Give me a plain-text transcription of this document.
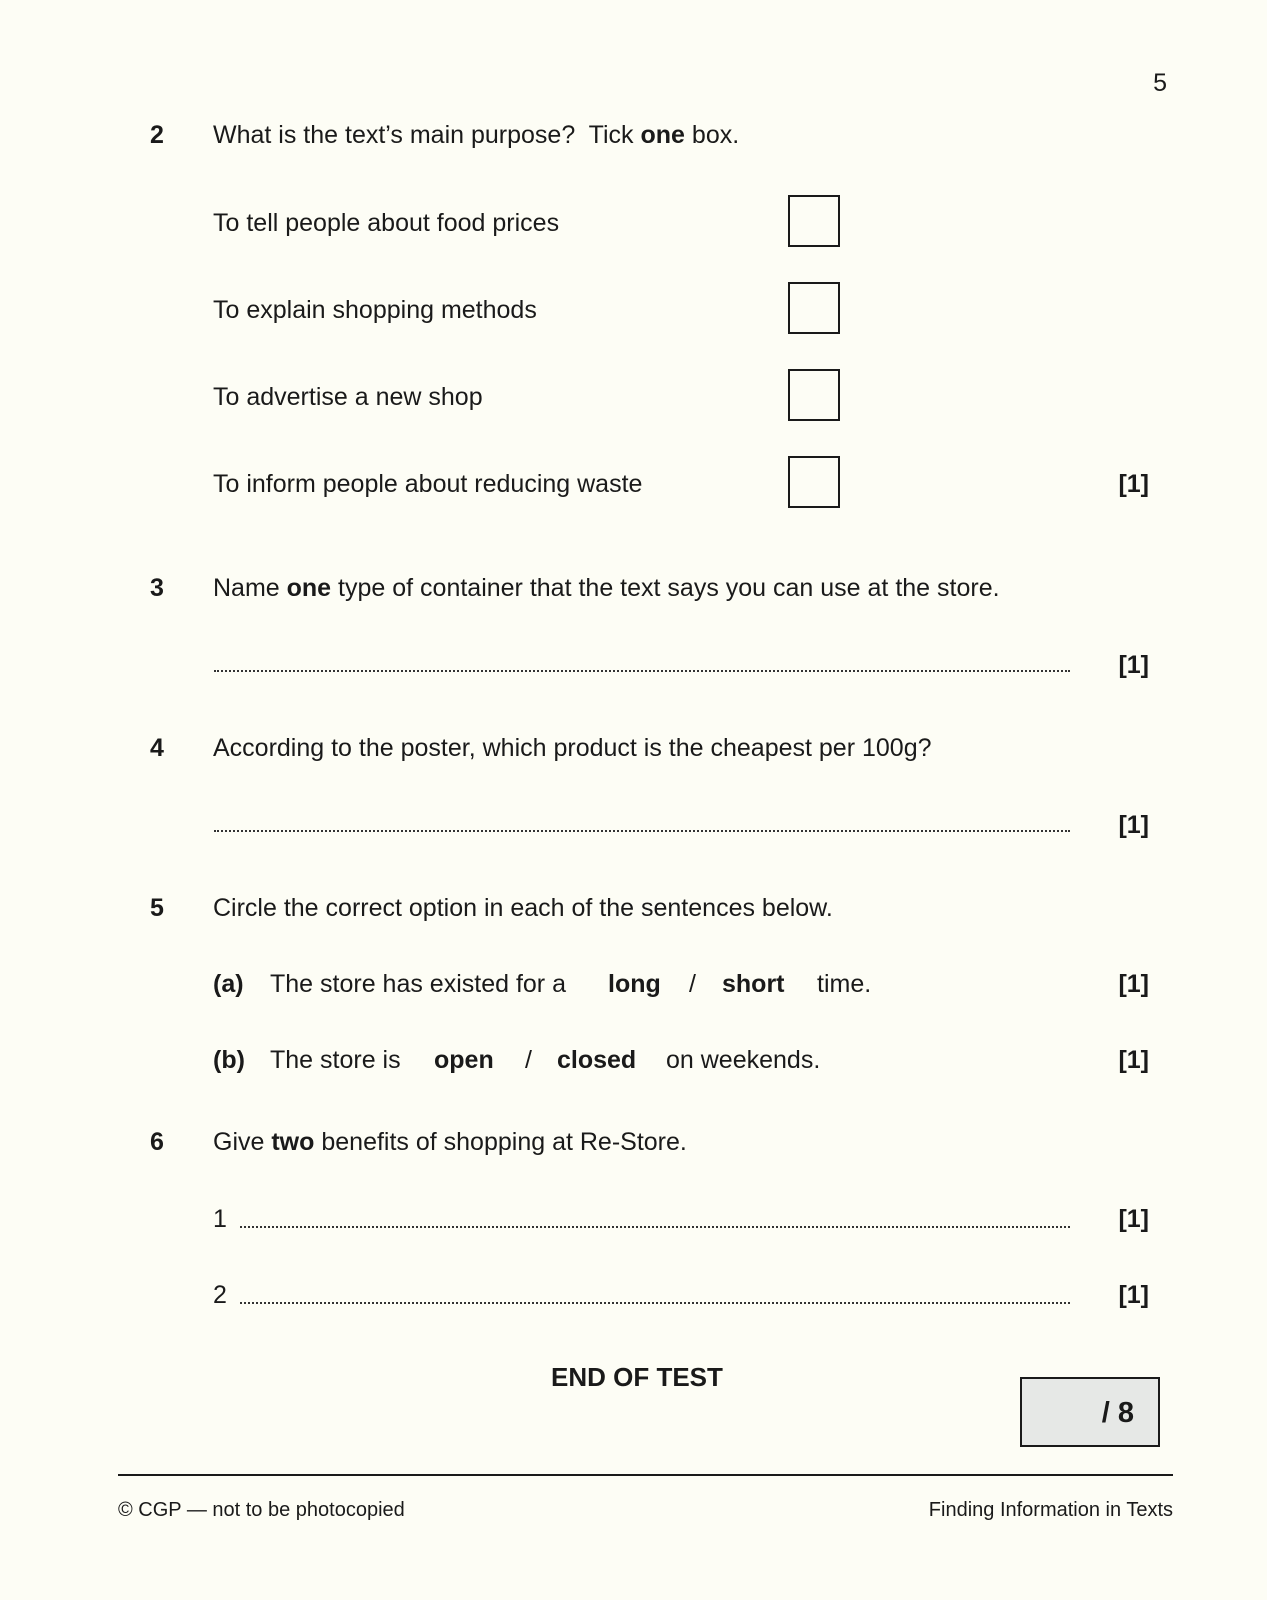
5
2 What is the text’s main purpose?  Tick one box.
To tell people about food prices
To explain shopping methods
To advertise a new shop
To inform people about reducing waste	[1]
3 Name one type of container that the text says you can use at the store.
[1]
4 According to the poster, which product is the cheapest per 100g?
[1]
5 Circle the correct option in each of the sentences below.
(a) The store has existed for a long / short time.	[1]
(b) The store is open / closed on weekends.	[1]
6 Give two benefits of shopping at Re-Store.
1	[1]
2	[1]
END OF TEST
/ 8
© CGP — not to be photocopied	Finding Information in Texts
